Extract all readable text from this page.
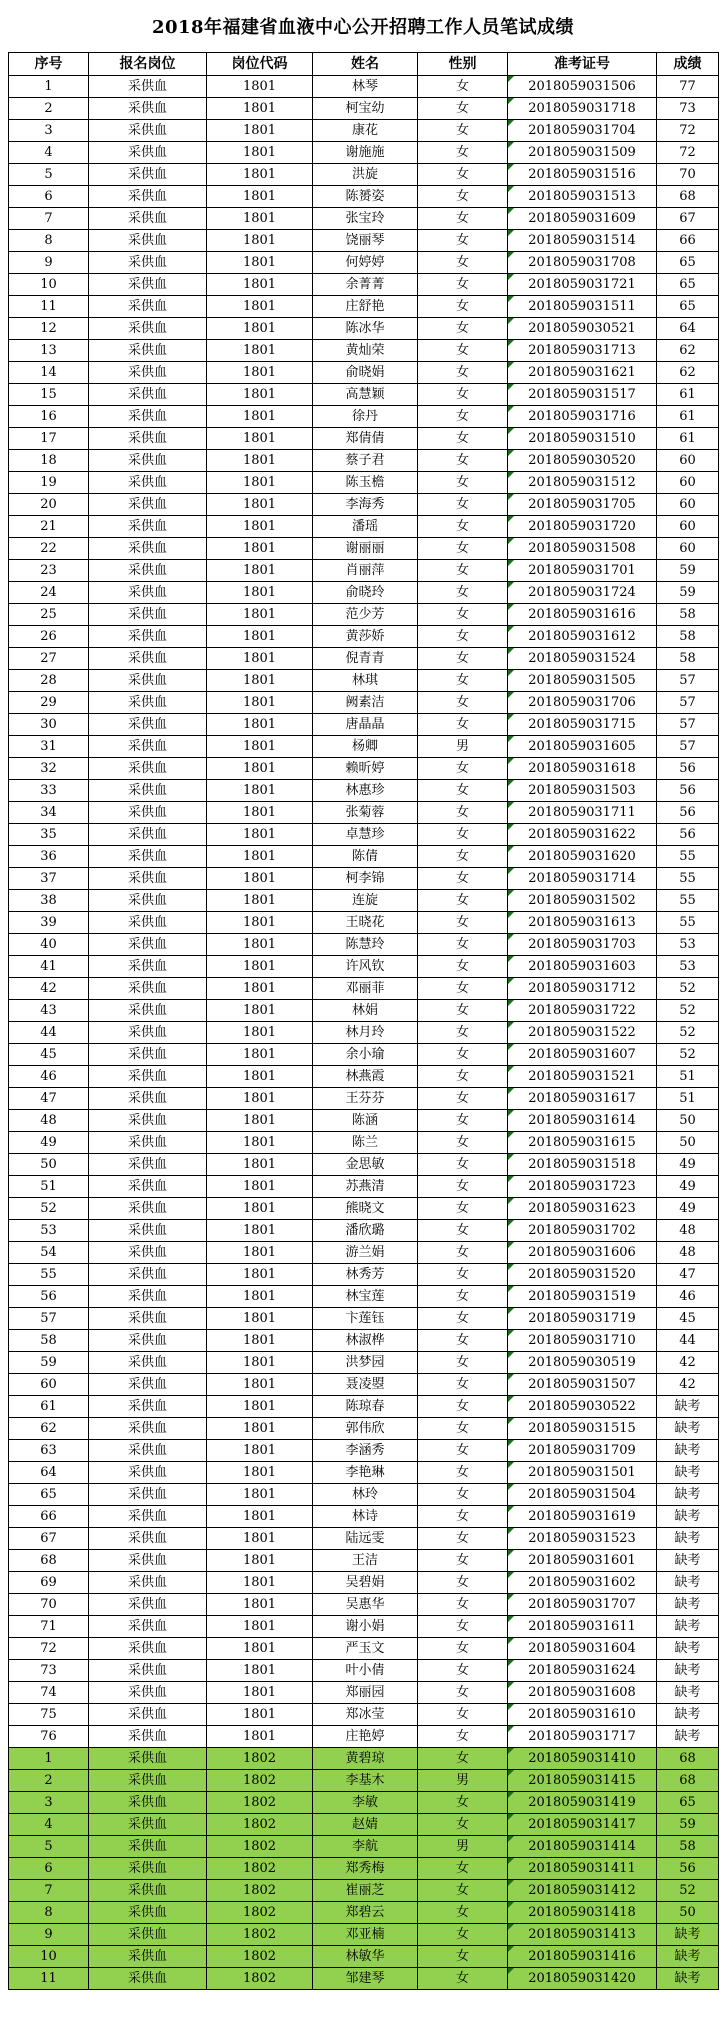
2018年福建省血液中心公开招聘工作人员笔试成绩
序号	报名岗位	岗位代码	姓名	性别	准考证号	成绩
1	采供血	1801	林琴	女	2018059031506	77
2	采供血	1801	柯宝幼	女	2018059031718	73
3	采供血	1801	康花	女	2018059031704	72
4	采供血	1801	谢施施	女	2018059031509	72
5	采供血	1801	洪旋	女	2018059031516	70
6	采供血	1801	陈赟姿	女	2018059031513	68
7	采供血	1801	张宝玲	女	2018059031609	67
8	采供血	1801	饶丽琴	女	2018059031514	66
9	采供血	1801	何婷婷	女	2018059031708	65
10	采供血	1801	余菁菁	女	2018059031721	65
11	采供血	1801	庄舒艳	女	2018059031511	65
12	采供血	1801	陈冰华	女	2018059030521	64
13	采供血	1801	黄灿荣	女	2018059031713	62
14	采供血	1801	俞晓娟	女	2018059031621	62
15	采供血	1801	高慧颖	女	2018059031517	61
16	采供血	1801	徐丹	女	2018059031716	61
17	采供血	1801	郑倩倩	女	2018059031510	61
18	采供血	1801	蔡子君	女	2018059030520	60
19	采供血	1801	陈玉檐	女	2018059031512	60
20	采供血	1801	李海秀	女	2018059031705	60
21	采供血	1801	潘瑶	女	2018059031720	60
22	采供血	1801	谢丽丽	女	2018059031508	60
23	采供血	1801	肖丽萍	女	2018059031701	59
24	采供血	1801	俞晓玲	女	2018059031724	59
25	采供血	1801	范少芳	女	2018059031616	58
26	采供血	1801	黄莎娇	女	2018059031612	58
27	采供血	1801	倪青青	女	2018059031524	58
28	采供血	1801	林琪	女	2018059031505	57
29	采供血	1801	阙素洁	女	2018059031706	57
30	采供血	1801	唐晶晶	女	2018059031715	57
31	采供血	1801	杨卿	男	2018059031605	57
32	采供血	1801	赖昕婷	女	2018059031618	56
33	采供血	1801	林惠珍	女	2018059031503	56
34	采供血	1801	张菊蓉	女	2018059031711	56
35	采供血	1801	卓慧珍	女	2018059031622	56
36	采供血	1801	陈倩	女	2018059031620	55
37	采供血	1801	柯李锦	女	2018059031714	55
38	采供血	1801	连旋	女	2018059031502	55
39	采供血	1801	王晓花	女	2018059031613	55
40	采供血	1801	陈慧玲	女	2018059031703	53
41	采供血	1801	许风钦	女	2018059031603	53
42	采供血	1801	邓丽菲	女	2018059031712	52
43	采供血	1801	林娟	女	2018059031722	52
44	采供血	1801	林月玲	女	2018059031522	52
45	采供血	1801	余小瑜	女	2018059031607	52
46	采供血	1801	林燕霞	女	2018059031521	51
47	采供血	1801	王芬芬	女	2018059031617	51
48	采供血	1801	陈涵	女	2018059031614	50
49	采供血	1801	陈兰	女	2018059031615	50
50	采供血	1801	金思敏	女	2018059031518	49
51	采供血	1801	苏燕清	女	2018059031723	49
52	采供血	1801	熊晓文	女	2018059031623	49
53	采供血	1801	潘欣璐	女	2018059031702	48
54	采供血	1801	游兰娟	女	2018059031606	48
55	采供血	1801	林秀芳	女	2018059031520	47
56	采供血	1801	林宝莲	女	2018059031519	46
57	采供血	1801	卞莲钰	女	2018059031719	45
58	采供血	1801	林淑桦	女	2018059031710	44
59	采供血	1801	洪梦园	女	2018059030519	42
60	采供血	1801	聂凌曌	女	2018059031507	42
61	采供血	1801	陈琼春	女	2018059030522	缺考
62	采供血	1801	郭伟欣	女	2018059031515	缺考
63	采供血	1801	李涵秀	女	2018059031709	缺考
64	采供血	1801	李艳琳	女	2018059031501	缺考
65	采供血	1801	林玲	女	2018059031504	缺考
66	采供血	1801	林诗	女	2018059031619	缺考
67	采供血	1801	陆远雯	女	2018059031523	缺考
68	采供血	1801	王洁	女	2018059031601	缺考
69	采供血	1801	吴碧娟	女	2018059031602	缺考
70	采供血	1801	吴惠华	女	2018059031707	缺考
71	采供血	1801	谢小娟	女	2018059031611	缺考
72	采供血	1801	严玉文	女	2018059031604	缺考
73	采供血	1801	叶小倩	女	2018059031624	缺考
74	采供血	1801	郑丽园	女	2018059031608	缺考
75	采供血	1801	郑冰莹	女	2018059031610	缺考
76	采供血	1801	庄艳婷	女	2018059031717	缺考
1	采供血	1802	黄碧琼	女	2018059031410	68
2	采供血	1802	李基木	男	2018059031415	68
3	采供血	1802	李敏	女	2018059031419	65
4	采供血	1802	赵婧	女	2018059031417	59
5	采供血	1802	李航	男	2018059031414	58
6	采供血	1802	郑秀梅	女	2018059031411	56
7	采供血	1802	崔丽芝	女	2018059031412	52
8	采供血	1802	郑碧云	女	2018059031418	50
9	采供血	1802	邓亚楠	女	2018059031413	缺考
10	采供血	1802	林敏华	女	2018059031416	缺考
11	采供血	1802	邹建琴	女	2018059031420	缺考
